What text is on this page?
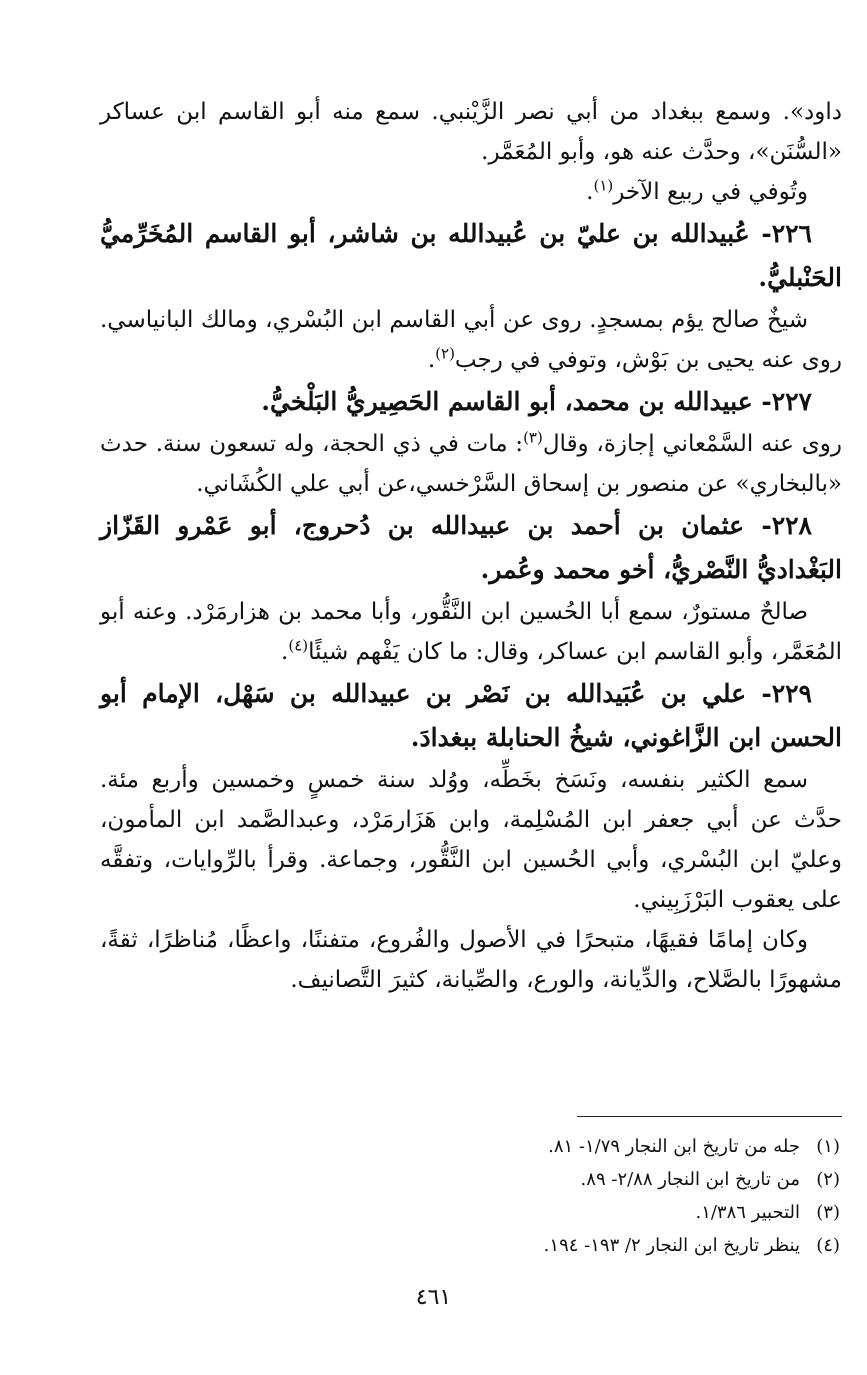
داود». وسمع ببغداد من أبي نصر الزَّيْنبي. سمع منه أبو القاسم ابن عساكر «السُّنَن»، وحدَّث عنه هو، وأبو المُعَمَّر.

وتُوفي في ربيع الآخر$^{(١)}$.

٢٢٦- عُبيدالله بن عليّ بن عُبيدالله بن شاشر، أبو القاسم المُخَرِّميُّ الحَنْبليُّ.

شيخٌ صالح يؤم بمسجدٍ. روى عن أبي القاسم ابن البُسْري، ومالك البانياسي. روى عنه يحيى بن بَوْش، وتوفي في رجب$^{(٢)}$.

٢٢٧- عبيدالله بن محمد، أبو القاسم الحَصِيريُّ البَلْخيُّ.

روى عنه السَّمْعاني إجازة، وقال$^{(٣)}$: مات في ذي الحجة، وله تسعون سنة. حدث «بالبخاري» عن منصور بن إسحاق السَّرْخسي،عن أبي علي الكُشَاني.

٢٢٨- عثمان بن أحمد بن عبيدالله بن دُحروج، أبو عَمْرو القَزّاز البَغْداديُّ النَّصْريُّ، أخو محمد وعُمر.

صالحٌ مستورٌ، سمع أبا الحُسين ابن النَّقُّور، وأبا محمد بن هزارمَرْد. وعنه أبو المُعَمَّر، وأبو القاسم ابن عساكر، وقال: ما كان يَفْهم شيئًا$^{(٤)}$.

٢٢٩- علي بن عُبَيدالله بن نَصْر بن عبيدالله بن سَهْل، الإمام أبو الحسن ابن الزَّاغوني، شيخُ الحنابلة ببغدادَ.

سمع الكثير بنفسه، ونَسَخ بخَطِّه، ووُلد سنة خمسٍ وخمسين وأربع مئة. حدَّث عن أبي جعفر ابن المُسْلِمة، وابن هَزَارمَرْد، وعبدالصَّمد ابن المأمون، وعليّ ابن البُسْري، وأبي الحُسين ابن النَّقُّور، وجماعة. وقرأ بالرِّوايات، وتفقَّه على يعقوب البَرْزَبِيني.

وكان إمامًا فقيهًا، متبحرًا في الأصول والفُروع، متفننًا، واعظًا، مُناظرًا، ثقةً، مشهورًا بالصَّلاح، والدِّيانة، والورع، والصِّيانة، كثيرَ التَّصانيف.

(١)جله من تاريخ ابن النجار ١/٧٩- ٨١.
(٢)من تاريخ ابن النجار ٢/٨٨- ٨٩.
(٣)التحبير ١/٣٨٦.
(٤)ينظر تاريخ ابن النجار ٢/ ١٩٣- ١٩٤.
٤٦١
